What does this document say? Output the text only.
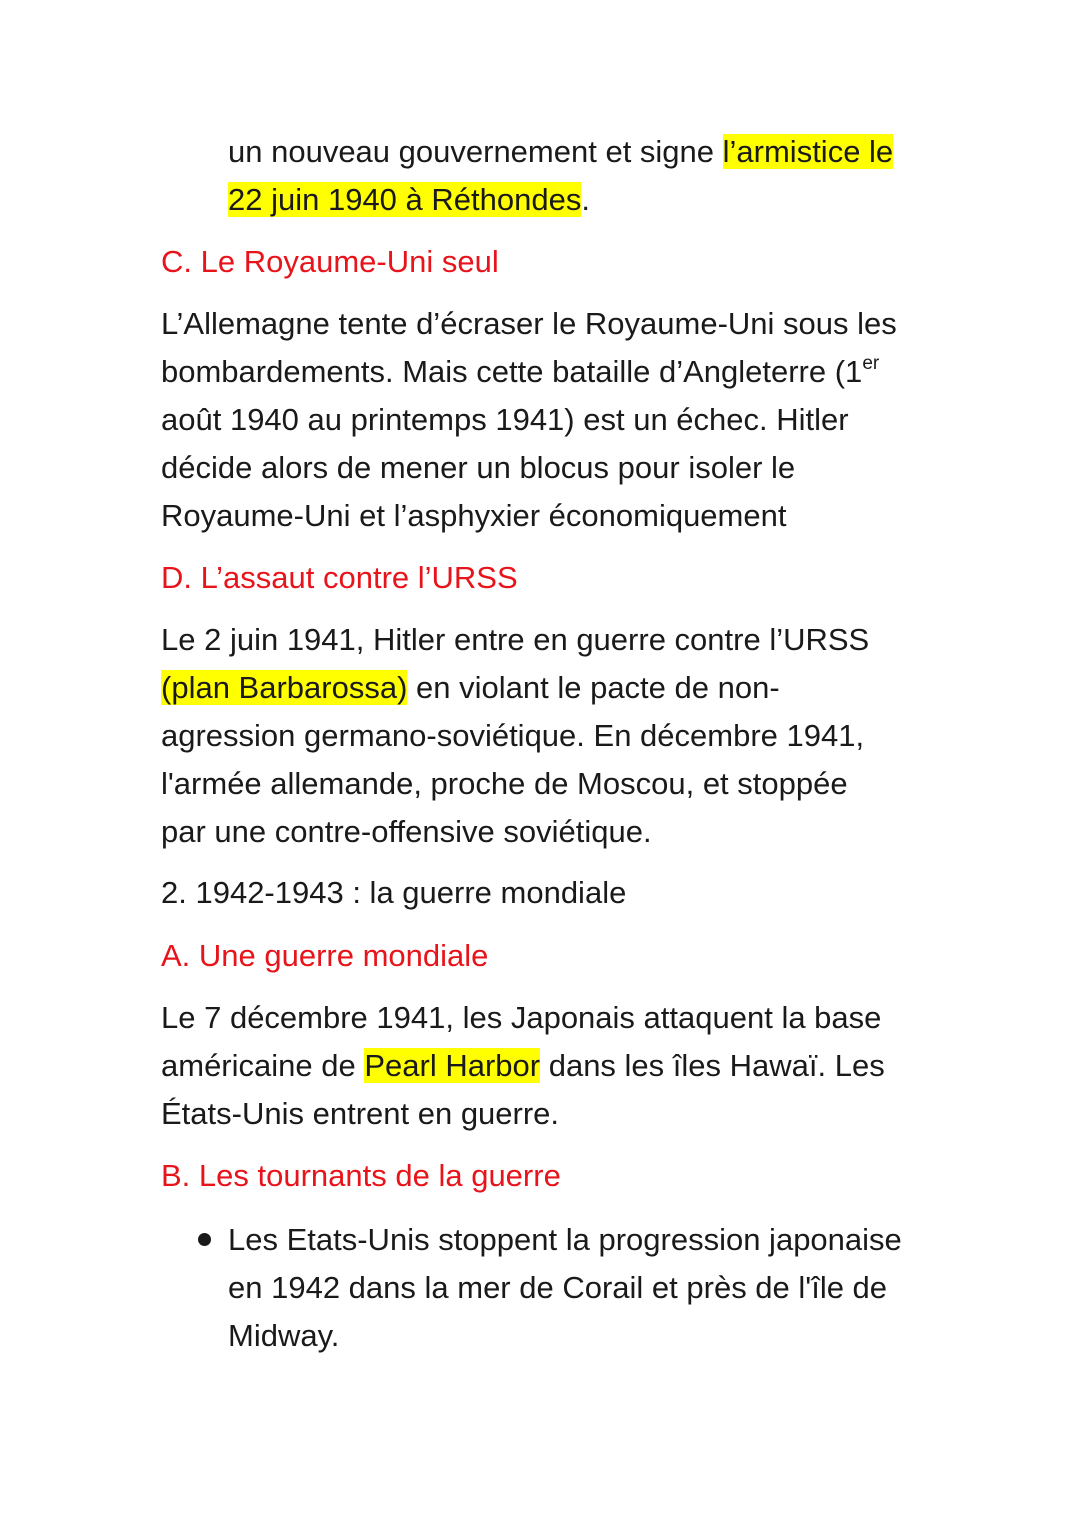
un nouveau gouvernement et signe l’armistice le
22 juin 1940 à Réthondes.
C. Le Royaume-Uni seul
L’Allemagne tente d’écraser le Royaume-Uni sous les
bombardements. Mais cette bataille d’Angleterre (1er
août 1940 au printemps 1941) est un échec. Hitler
décide alors de mener un blocus pour isoler le
Royaume-Uni et l’asphyxier économiquement
D. L’assaut contre l’URSS
Le 2 juin 1941, Hitler entre en guerre contre l’URSS
(plan Barbarossa) en violant le pacte de non-
agression germano-soviétique. En décembre 1941,
l'armée allemande, proche de Moscou, et stoppée
par une contre-offensive soviétique.
2. 1942-1943 : la guerre mondiale
A. Une guerre mondiale
Le 7 décembre 1941, les Japonais attaquent la base
américaine de Pearl Harbor dans les îles Hawaï. Les
États-Unis entrent en guerre.
B. Les tournants de la guerre
Les Etats-Unis stoppent la progression japonaise
en 1942 dans la mer de Corail et près de l'île de
Midway.
